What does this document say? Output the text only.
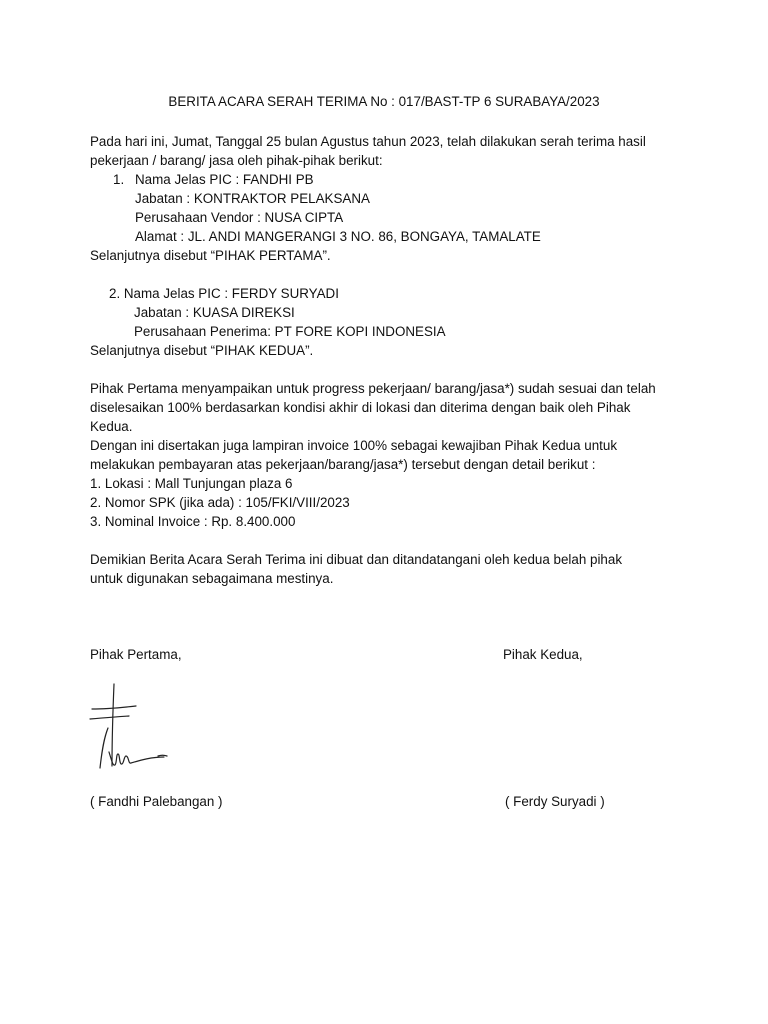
BERITA ACARA SERAH TERIMA No : 017/BAST-TP 6 SURABAYA/2023
Pada hari ini, Jumat, Tanggal 25 bulan Agustus tahun 2023, telah dilakukan serah terima hasil
pekerjaan / barang/ jasa oleh pihak-pihak berikut:
1. Nama Jelas PIC : FANDHI PB
Jabatan : KONTRAKTOR PELAKSANA
Perusahaan Vendor : NUSA CIPTA
Alamat : JL. ANDI MANGERANGI 3 NO. 86, BONGAYA, TAMALATE
Selanjutnya disebut “PIHAK PERTAMA”.
2. Nama Jelas PIC : FERDY SURYADI
Jabatan : KUASA DIREKSI
Perusahaan Penerima: PT FORE KOPI INDONESIA
Selanjutnya disebut “PIHAK KEDUA”.
Pihak Pertama menyampaikan untuk progress pekerjaan/ barang/jasa*) sudah sesuai dan telah
diselesaikan 100% berdasarkan kondisi akhir di lokasi dan diterima dengan baik oleh Pihak
Kedua.
Dengan ini disertakan juga lampiran invoice 100% sebagai kewajiban Pihak Kedua untuk
melakukan pembayaran atas pekerjaan/barang/jasa*) tersebut dengan detail berikut :
1. Lokasi : Mall Tunjungan plaza 6
2. Nomor SPK (jika ada) : 105/FKI/VIII/2023
3. Nominal Invoice : Rp. 8.400.000
Demikian Berita Acara Serah Terima ini dibuat dan ditandatangani oleh kedua belah pihak
untuk digunakan sebagaimana mestinya.
Pihak Pertama,	Pihak Kedua,
( Fandhi Palebangan )	( Ferdy Suryadi )
